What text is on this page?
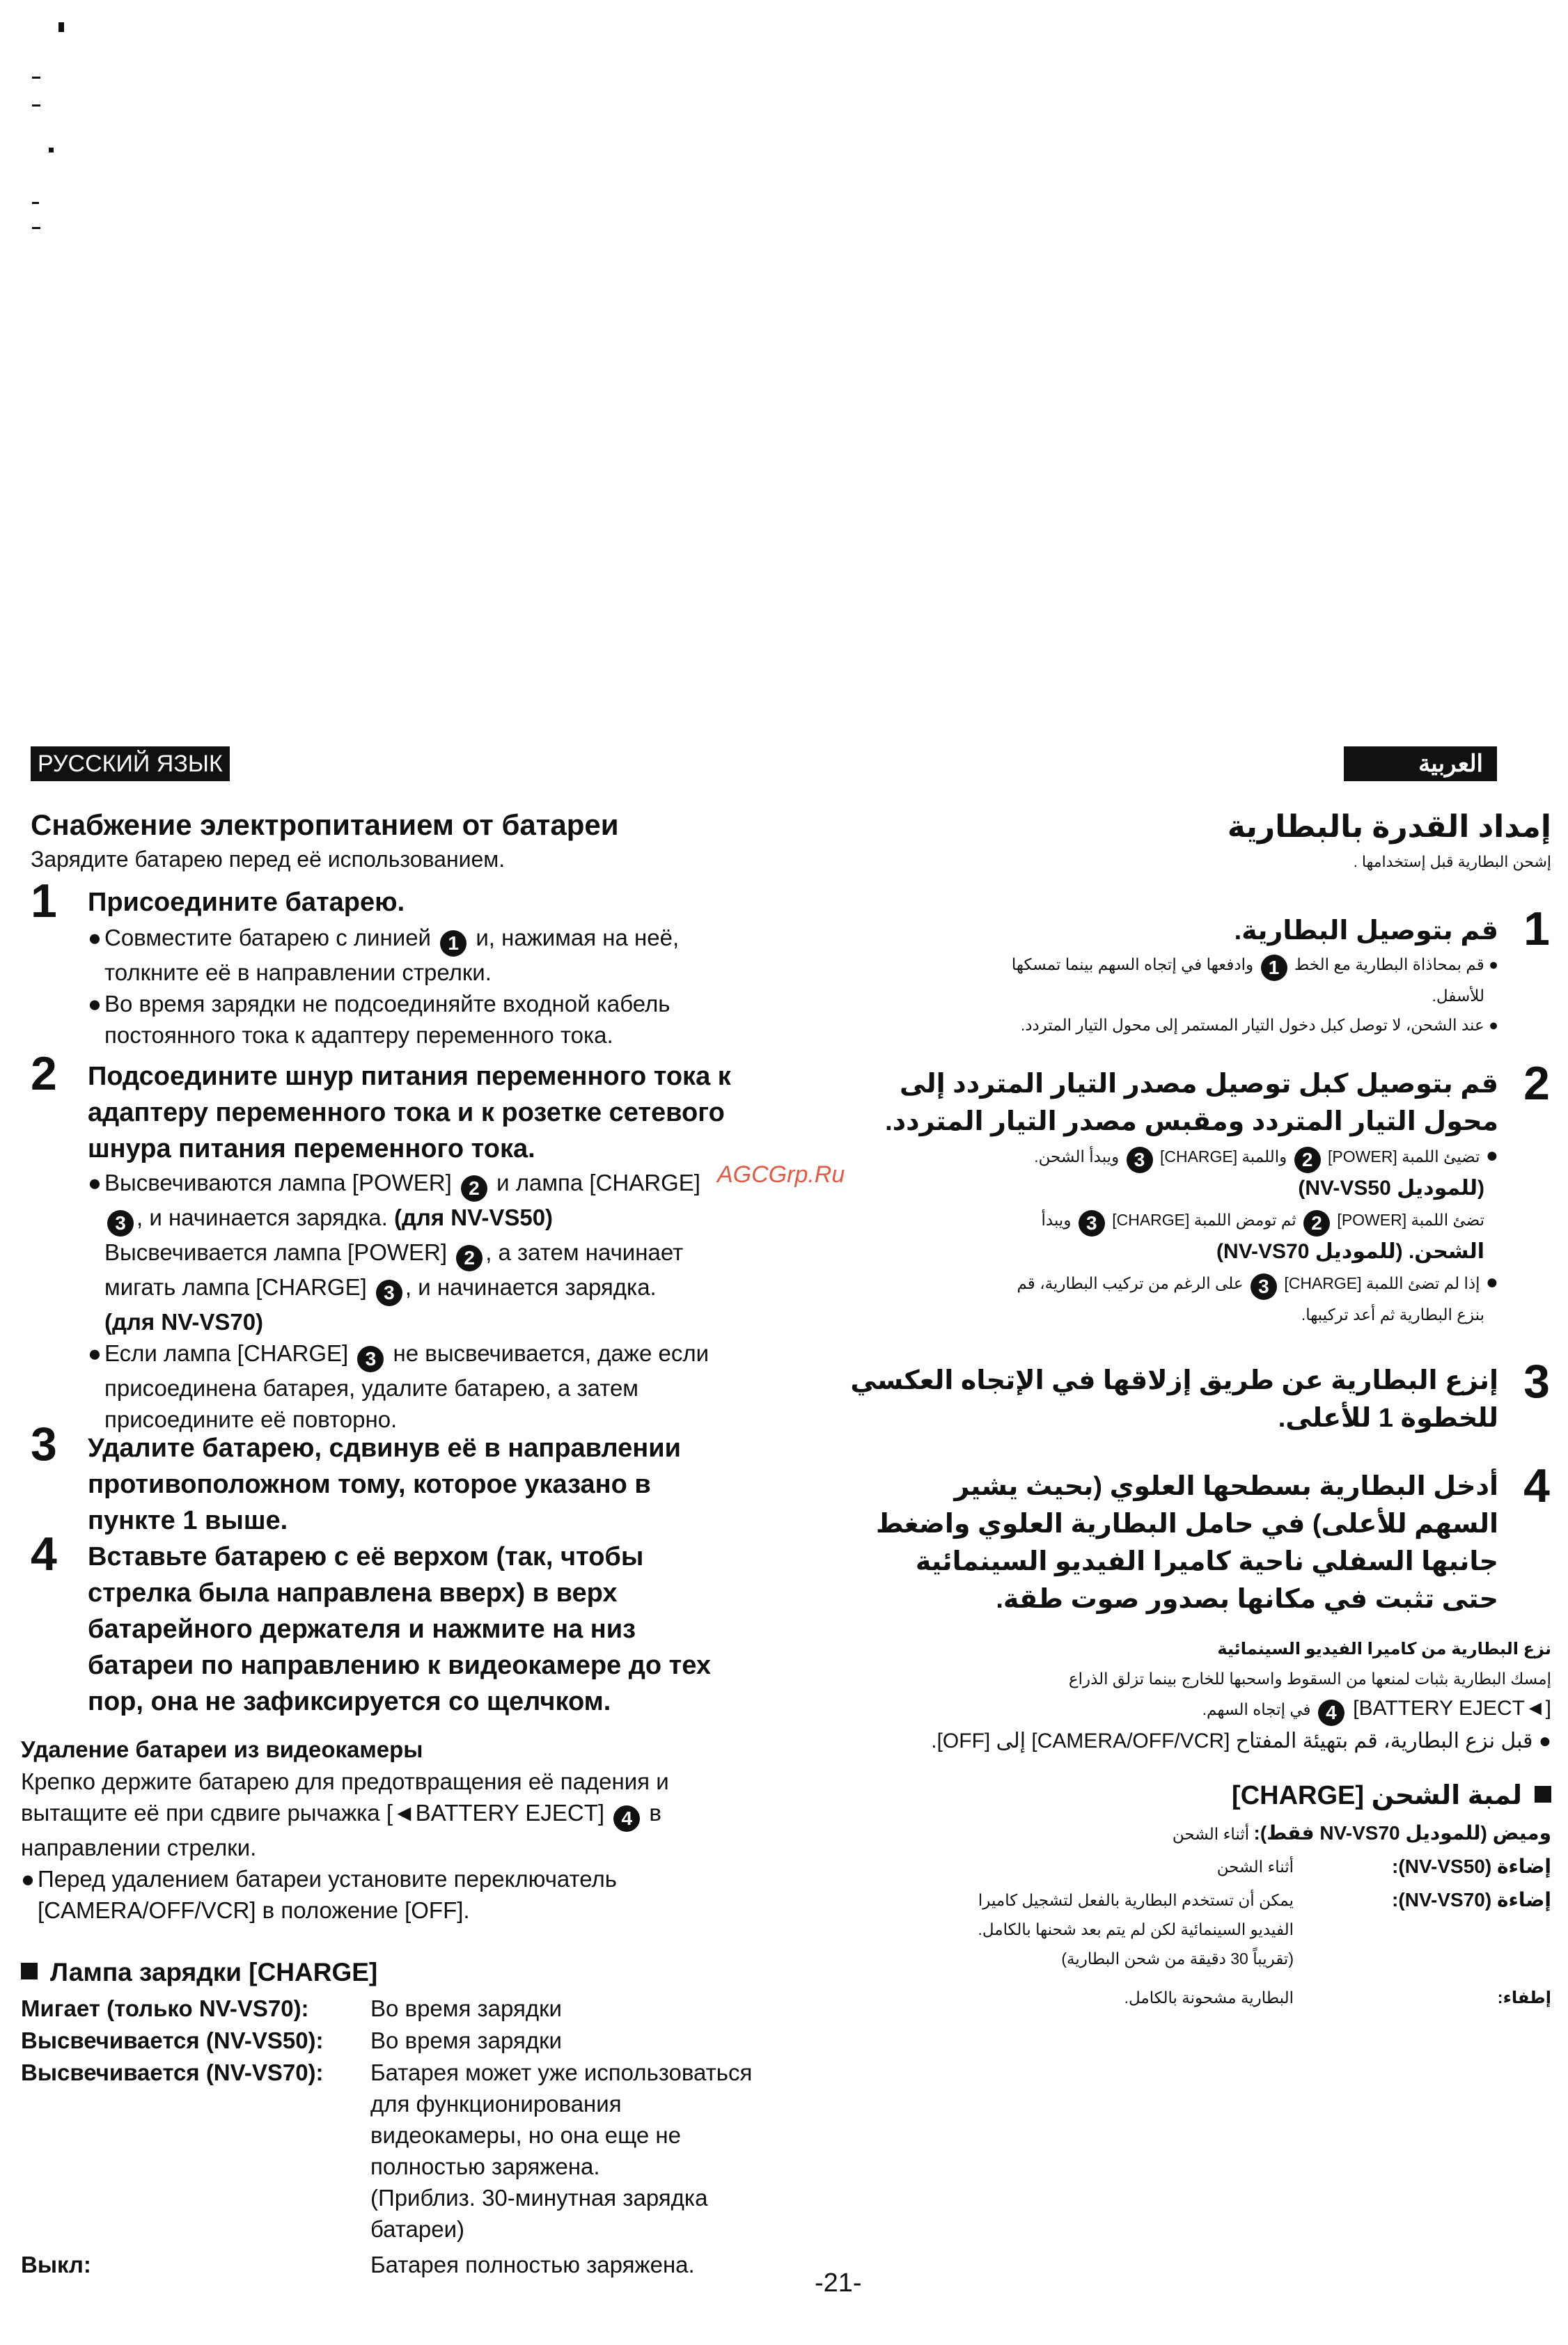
РУССКИЙ ЯЗЫК
Снабжение электропитанием от батареи
Зарядите батарею перед её использованием.
1 Присоедините батарею.
● Совместите батарею с линией 1 и, нажимая на неё,
толкните её в направлении стрелки.
● Во время зарядки не подсоединяйте входной кабель
постоянного тока к адаптеру переменного тока.
2 Подсоедините шнур питания переменного тока к
адаптеру переменного тока и к розетке сетевого
шнура питания переменного тока.
● Высвечиваются лампа [POWER] 2 и лампа [CHARGE]
3 , и начинается зарядка. (для NV-VS50)
Высвечивается лампа [POWER] 2 , а затем начинает
мигать лампа [CHARGE] 3 , и начинается зарядка.
(для NV-VS70)
● Если лампа [CHARGE] 3 не высвечивается, даже если
присоединена батарея, удалите батарею, а затем
присоедините её повторно.
3 Удалите батарею, сдвинув её в направлении
противоположном тому, которое указано в
пункте 1 выше.
4 Вставьте батарею с её верхом (так, чтобы
стрелка была направлена вверх) в верх
батарейного держателя и нажмите на низ
батареи по направлению к видеокамере до тех
пор, она не зафиксируется со щелчком.
Удаление батареи из видеокамеры
Крепко держите батарею для предотвращения её падения и
вытащите её при сдвиге рычажка [◄BATTERY EJECT] 4 в
направлении стрелки.
● Перед удалением батареи установите переключатель
[CAMERA/OFF/VCR] в положение [OFF].
Лампа зарядки [CHARGE]
Мигает (только NV-VS70):	Во время зарядки
Высвечивается (NV-VS50): Во время зарядки
Высвечивается (NV-VS70): Батарея может уже использоваться
для функционирования
видеокамеры, но она еще не
полностью заряжена.
(Приблиз. 30-минутная зарядка
батареи)
Выкл:	Батарея полностью заряжена.
AGCGrp.Ru
-21-
العربية
إمداد القدرة بالبطارية
إشحن البطارية قبل إستخدامها .
1
قم بتوصيل البطارية.
● قم بمحاذاة البطارية مع الخط 1 وادفعها في إتجاه السهم بينما تمسكها
للأسفل.
● عند الشحن، لا توصل كبل دخول التيار المستمر إلى محول التيار المتردد.
2
قم بتوصيل كبل توصيل مصدر التيار المتردد إلى
محول التيار المتردد ومقبس مصدر التيار المتردد.
● تضيئ اللمبة [POWER] 2 واللمبة [CHARGE] 3 ويبدأ الشحن.
(للموديل NV-VS50)
تضئ اللمبة [POWER] 2 ثم تومض اللمبة [CHARGE] 3 ويبدأ
الشحن. (للموديل NV-VS70)
● إذا لم تضئ اللمبة [CHARGE] 3 على الرغم من تركيب البطارية، قم
بنزع البطارية ثم أعد تركيبها.
3
إنزع البطارية عن طريق إزلاقها في الإتجاه العكسي
للخطوة 1 للأعلى.
4
أدخل البطارية بسطحها العلوي (بحيث يشير
السهم للأعلى) في حامل البطارية العلوي واضغط
جانبها السفلي ناحية كاميرا الفيديو السينمائية
حتى تثبت في مكانها بصدور صوت طقة.
نزع البطارية من كاميرا الفيديو السينمائية
إمسك البطارية بثبات لمنعها من السقوط واسحبها للخارج بينما تزلق الذراع
[◄BATTERY EJECT] 4 في إتجاه السهم.
● قبل نزع البطارية، قم بتهيئة المفتاح [CAMERA/OFF/VCR] إلى [OFF].
لمبة الشحن [CHARGE]
وميض (للموديل NV-VS70 فقط): أثناء الشحن
إضاءة (NV-VS50):
أثناء الشحن
إضاءة (NV-VS70):
يمكن أن تستخدم البطارية بالفعل لتشجيل كاميرا
الفيديو السينمائية لكن لم يتم بعد شحنها بالكامل.
(تقريباً 30 دقيقة من شحن البطارية)
إطفاء:
البطارية مشحونة بالكامل.
